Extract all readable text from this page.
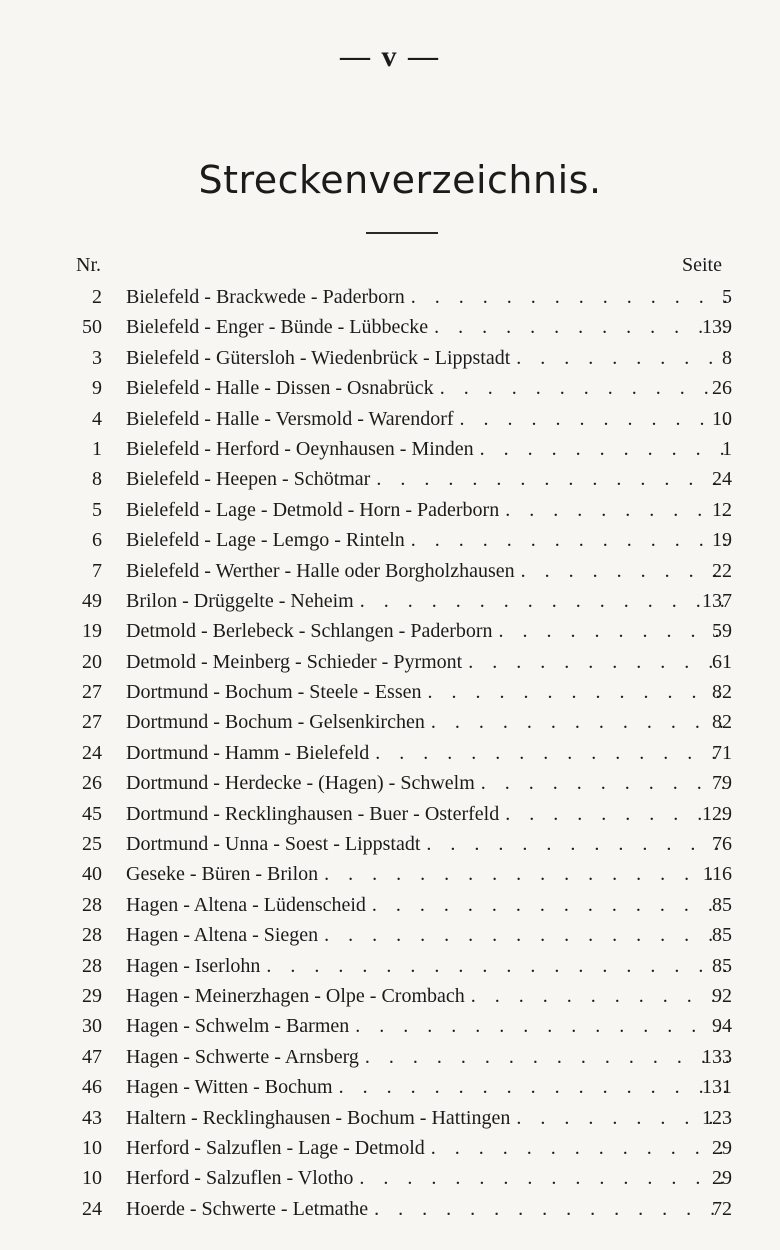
— v —
Streckenverzeichnis.
Nr.	Seite
2 Bielefeld - Brackwede - Paderborn . . .	5
50 Bielefeld - Enger - Bünde - Lübbecke . . .	139
3 Bielefeld - Gütersloh - Wiedenbrück - Lippstadt . . .	8
9 Bielefeld - Halle - Dissen - Osnabrück . . .	26
4 Bielefeld - Halle - Versmold - Warendorf . . .	10
1 Bielefeld - Herford - Oeynhausen - Minden . . .	1
8 Bielefeld - Heepen - Schötmar . . .	24
5 Bielefeld - Lage - Detmold - Horn - Paderborn . . .	12
6 Bielefeld - Lage - Lemgo - Rinteln . . .	19
7 Bielefeld - Werther - Halle oder Borgholzhausen . . .	22
49 Brilon - Drüggelte - Neheim . . .	137
19 Detmold - Berlebeck - Schlangen - Paderborn . . .	59
20 Detmold - Meinberg - Schieder - Pyrmont . . .	61
27 Dortmund - Bochum - Steele - Essen . . .	82
27 Dortmund - Bochum - Gelsenkirchen . . .	82
24 Dortmund - Hamm - Bielefeld . . .	71
26 Dortmund - Herdecke - (Hagen) - Schwelm . . .	79
45 Dortmund - Recklinghausen - Buer - Osterfeld . . .	129
25 Dortmund - Unna - Soest - Lippstadt . . .	76
40 Geseke - Büren - Brilon . . .	116
28 Hagen - Altena - Lüdenscheid . . .	85
28 Hagen - Altena - Siegen . . .	85
28 Hagen - Iserlohn . . .	85
29 Hagen - Meinerzhagen - Olpe - Crombach . . .	92
30 Hagen - Schwelm - Barmen . . .	94
47 Hagen - Schwerte - Arnsberg . . .	133
46 Hagen - Witten - Bochum . . .	131
43 Haltern - Recklinghausen - Bochum - Hattingen . . .	123
10 Herford - Salzuflen - Lage - Detmold . . .	29
10 Herford - Salzuflen - Vlotho . . .	29
24 Hoerde - Schwerte - Letmathe . . .	72
